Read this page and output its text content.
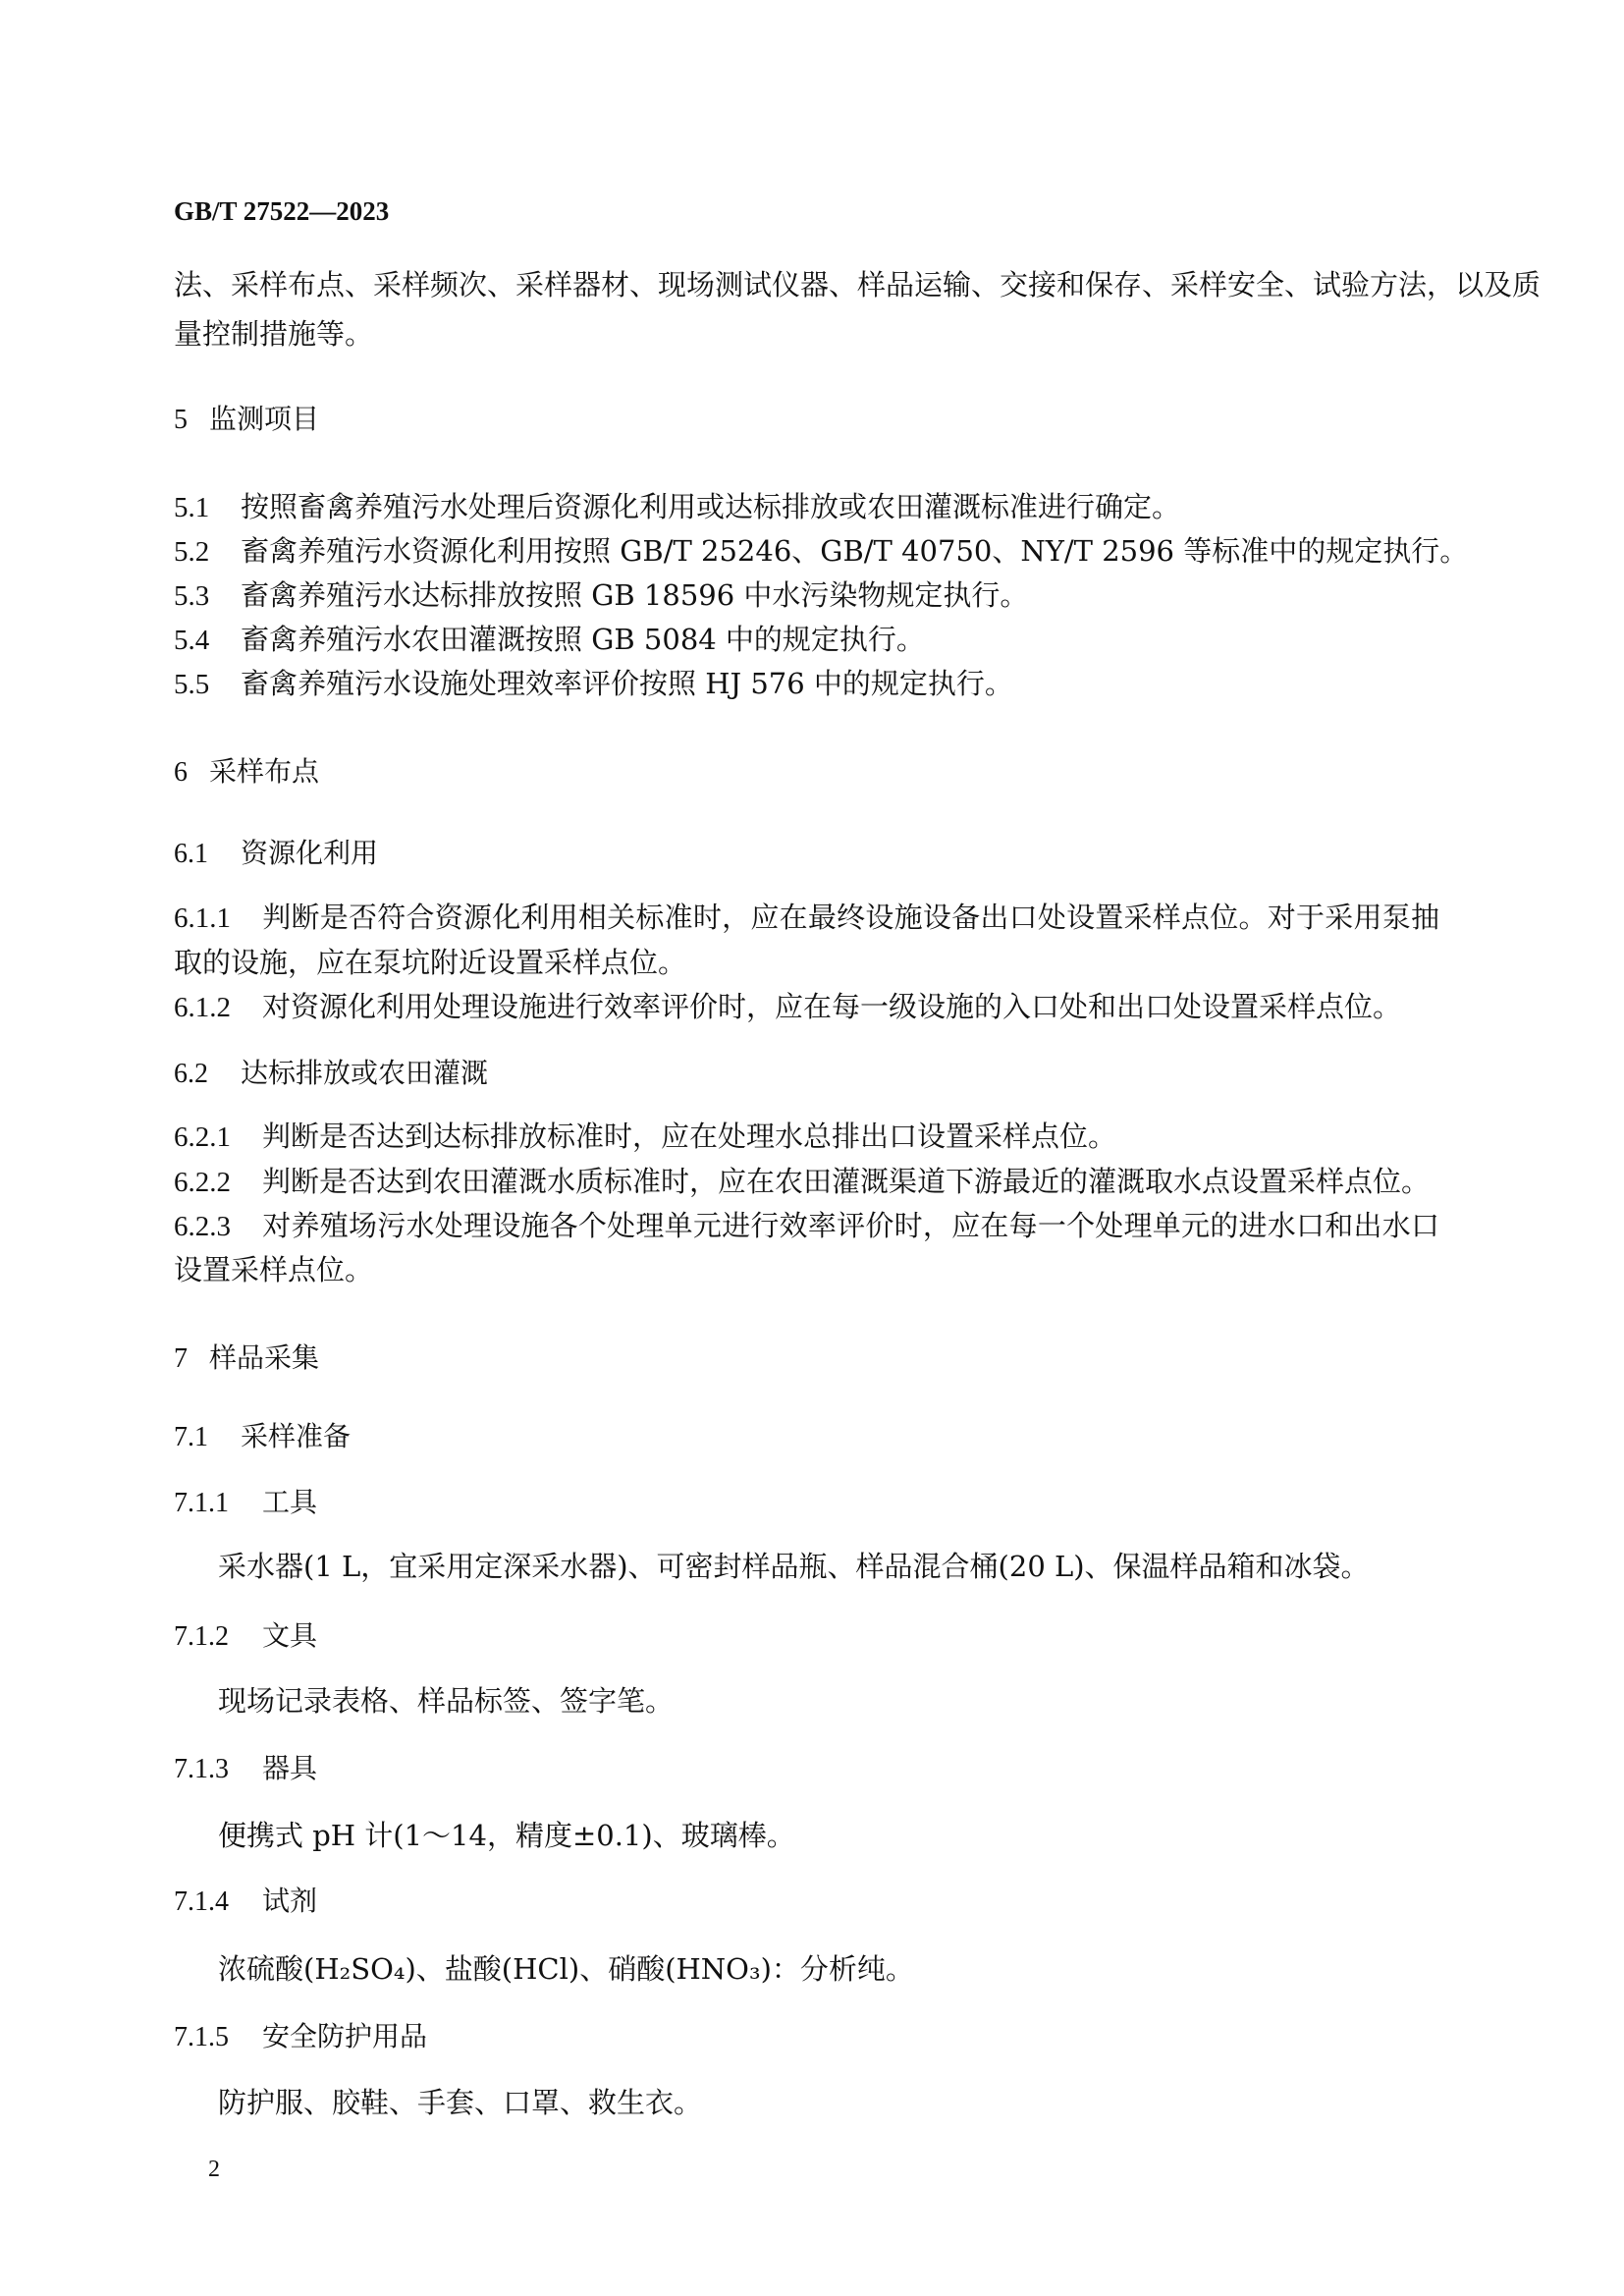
GB/T 27522—2023
法、采样布点、采样频次、采样器材、现场测试仪器、样品运输、交接和保存、采样安全、试验方法，以及质
量控制措施等。
5 监测项目
5.1 按照畜禽养殖污水处理后资源化利用或达标排放或农田灌溉标准进行确定。
5.2 畜禽养殖污水资源化利用按照 GB/T 25246、GB/T 40750、NY/T 2596 等标准中的规定执行。
5.3 畜禽养殖污水达标排放按照 GB 18596 中水污染物规定执行。
5.4 畜禽养殖污水农田灌溉按照 GB 5084 中的规定执行。
5.5 畜禽养殖污水设施处理效率评价按照 HJ 576 中的规定执行。
6 采样布点
6.1 资源化利用
6.1.1 判断是否符合资源化利用相关标准时，应在最终设施设备出口处设置采样点位。对于采用泵抽
取的设施，应在泵坑附近设置采样点位。
6.1.2 对资源化利用处理设施进行效率评价时，应在每一级设施的入口处和出口处设置采样点位。
6.2 达标排放或农田灌溉
6.2.1 判断是否达到达标排放标准时，应在处理水总排出口设置采样点位。
6.2.2 判断是否达到农田灌溉水质标准时，应在农田灌溉渠道下游最近的灌溉取水点设置采样点位。
6.2.3 对养殖场污水处理设施各个处理单元进行效率评价时，应在每一个处理单元的进水口和出水口
设置采样点位。
7 样品采集
7.1 采样准备
7.1.1 工具
采水器(1 L，宜采用定深采水器)、可密封样品瓶、样品混合桶(20 L)、保温样品箱和冰袋。
7.1.2 文具
现场记录表格、样品标签、签字笔。
7.1.3 器具
便携式 pH 计(1～14，精度±0.1)、玻璃棒。
7.1.4 试剂
浓硫酸(H₂SO₄)、盐酸(HCl)、硝酸(HNO₃)：分析纯。
7.1.5 安全防护用品
防护服、胶鞋、手套、口罩、救生衣。
2
